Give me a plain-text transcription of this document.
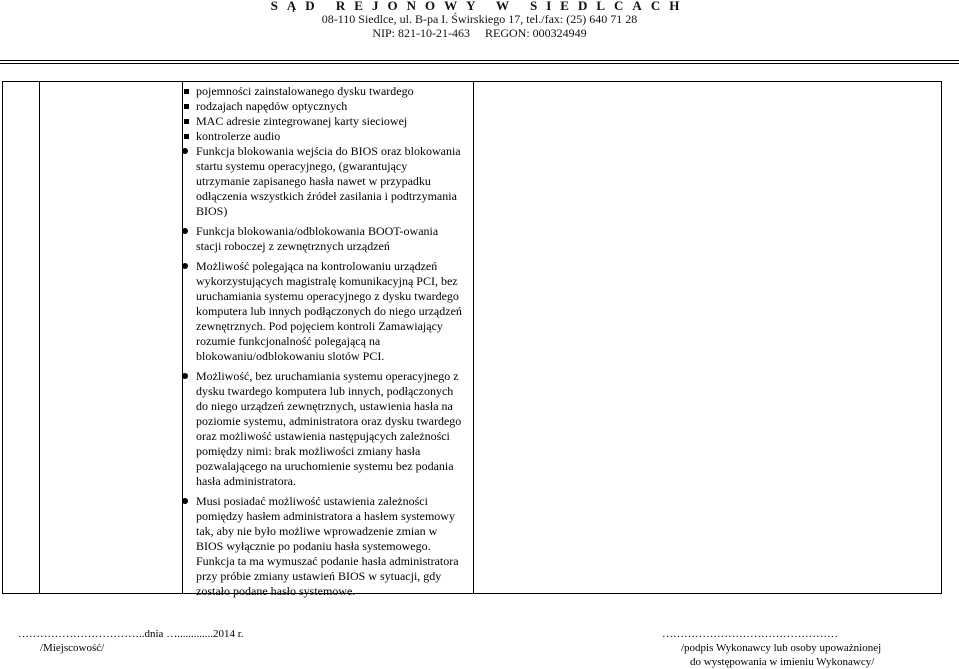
SĄD REJONOWY W SIEDLCACH
08-110 Siedlce, ul. B-pa I. Świrskiego 17, tel./fax: (25) 640 71 28
NIP: 821-10-21-463     REGON: 000324949
pojemności zainstalowanego dysku twardego
rodzajach napędów optycznych
MAC adresie zintegrowanej karty sieciowej
kontrolerze audio
Funkcja blokowania wejścia do BIOS oraz blokowania startu systemu operacyjnego, (gwarantujący utrzymanie zapisanego hasła nawet w przypadku odłączenia wszystkich źródeł zasilania i podtrzymania BIOS)
Funkcja blokowania/odblokowania BOOT-owania stacji roboczej z zewnętrznych urządzeń
Możliwość polegająca na kontrolowaniu urządzeń wykorzystujących magistralę komunikacyjną PCI, bez uruchamiania systemu operacyjnego z dysku twardego komputera lub innych podłączonych do niego urządzeń zewnętrznych. Pod pojęciem kontroli Zamawiający rozumie funkcjonalność polegającą na blokowaniu/odblokowaniu slotów PCI.
Możliwość, bez uruchamiania systemu operacyjnego z dysku twardego komputera lub innych, podłączonych do niego urządzeń zewnętrznych, ustawienia hasła na poziomie systemu, administratora oraz dysku twardego oraz możliwość ustawienia następujących zależności pomiędzy nimi: brak możliwości zmiany hasła pozwalającego na uruchomienie systemu bez podania hasła administratora.
Musi posiadać możliwość ustawienia zależności pomiędzy hasłem administratora a hasłem systemowy tak, aby nie było możliwe wprowadzenie zmian w BIOS wyłącznie po podaniu hasła systemowego. Funkcja ta ma wymuszać podanie hasła administratora przy próbie zmiany ustawień BIOS w sytuacji, gdy zostało podane hasło systemowe.
……………………………..dnia ….............2014 r.
/Miejscowość/
…………………………………………
/podpis Wykonawcy lub osoby upoważnionej
do występowania w imieniu Wykonawcy/
